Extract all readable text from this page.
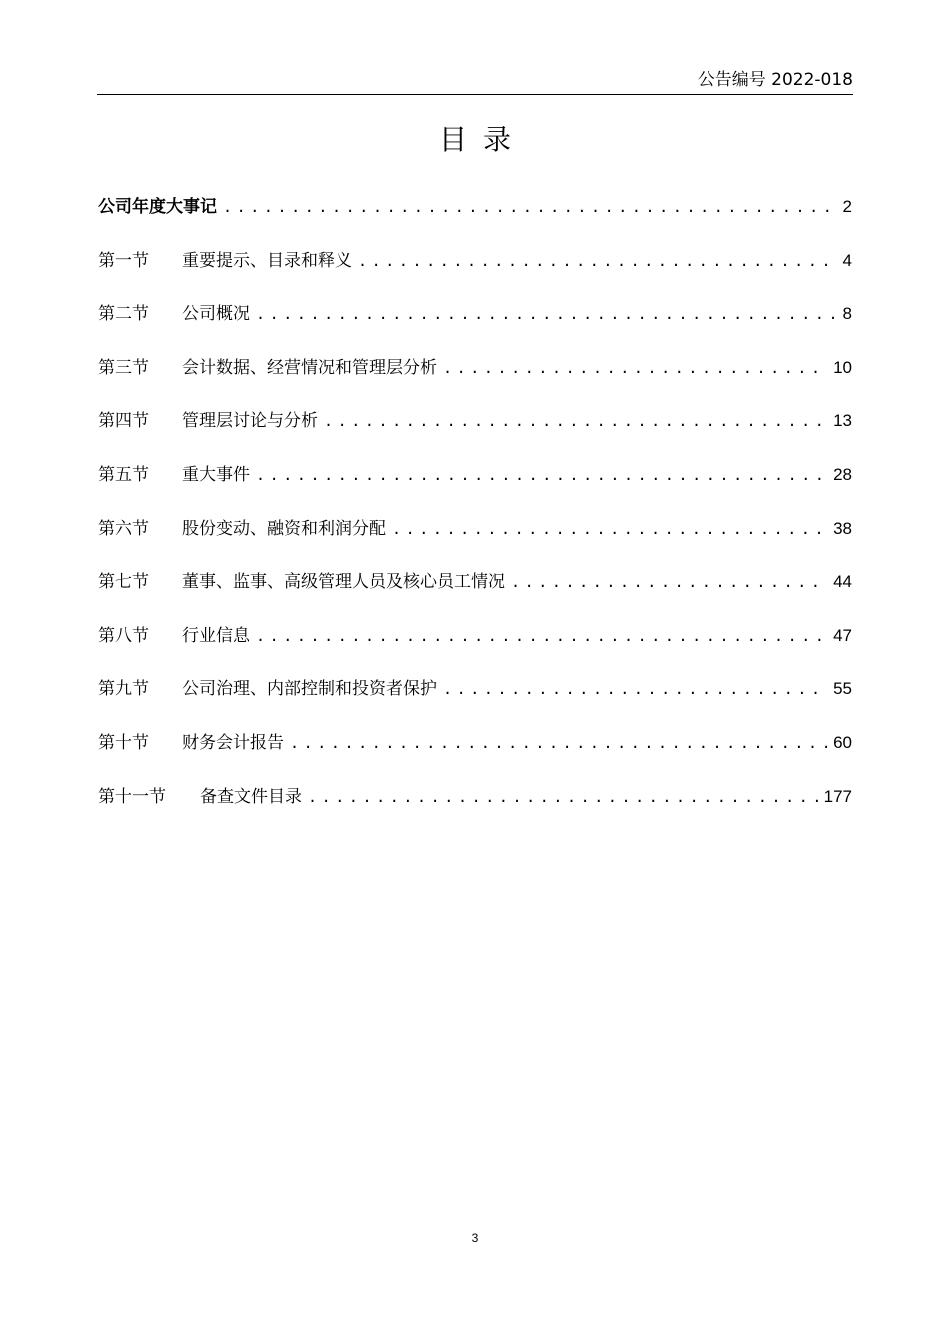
公告编号 2022-018
目录
公司年度大事记 .....	2
第一节	重要提示、目录和释义 .....	4
第二节	公司概况 .....	8
第三节	会计数据、经营情况和管理层分析 .....	10
第四节	管理层讨论与分析 .....	13
第五节	重大事件 .....	28
第六节	股份变动、融资和利润分配 .....	38
第七节	董事、监事、高级管理人员及核心员工情况 .....	44
第八节	行业信息 .....	47
第九节	公司治理、内部控制和投资者保护 .....	55
第十节	财务会计报告 .....	60
第十一节	备查文件目录 .....	177
3
